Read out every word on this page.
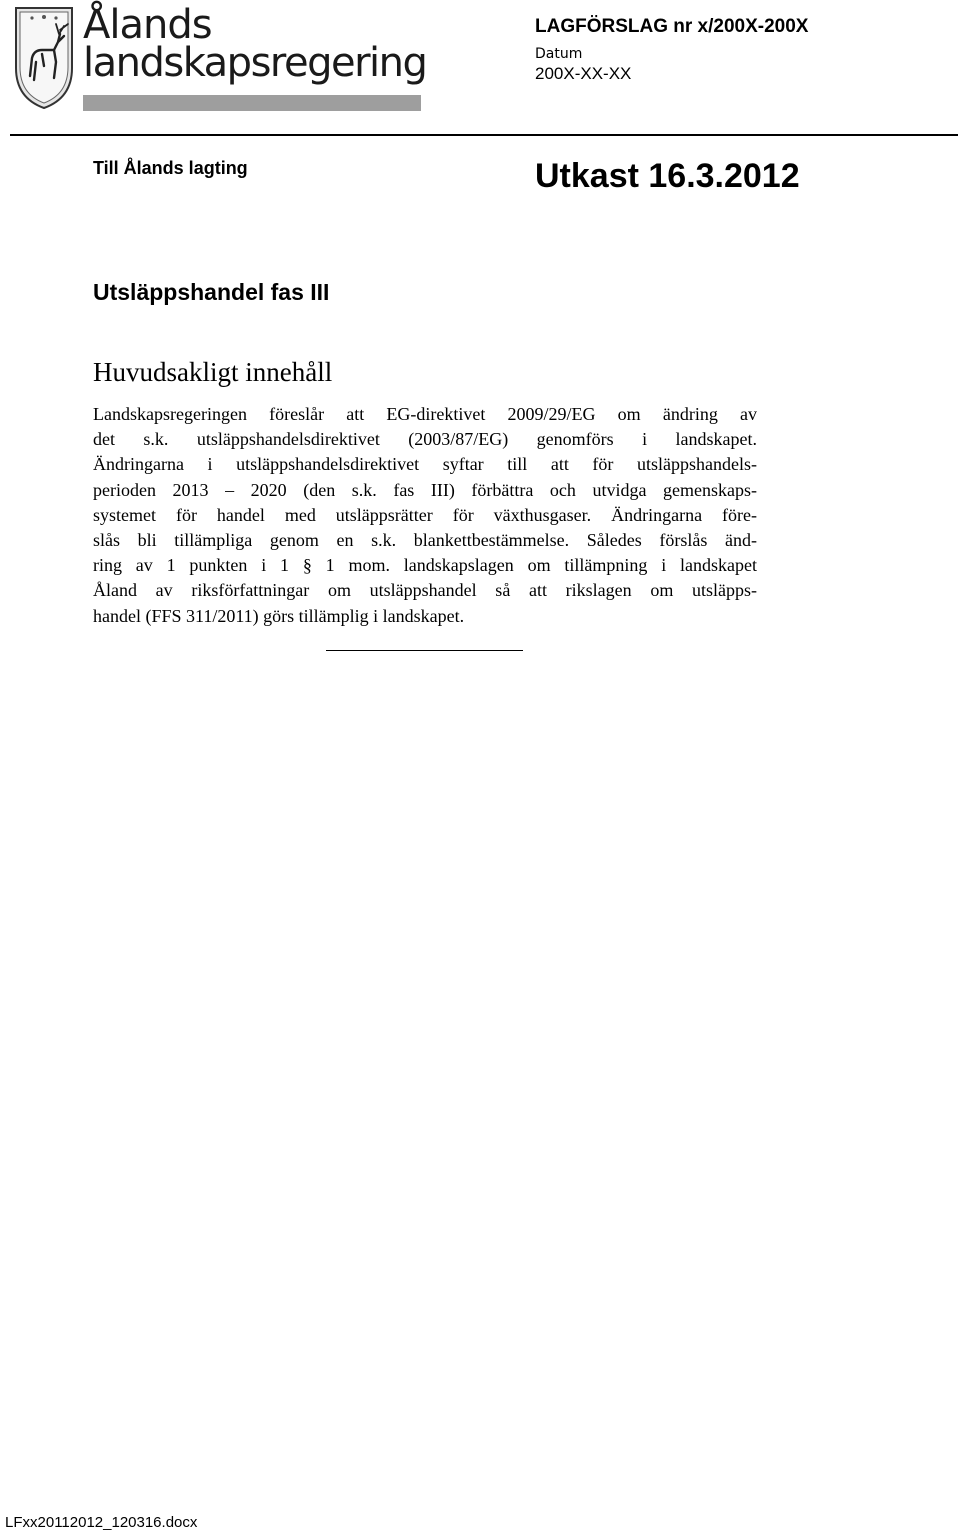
Ålands
landskapsregering
LAGFÖRSLAG nr x/200X-200X
Datum
200X-XX-XX
Till Ålands lagting	Utkast 16.3.2012
Utsläppshandel fas III
Huvudsakligt innehåll
Landskapsregeringen föreslår att EG-direktivet 2009/29/EG om ändring av
det s.k. utsläppshandelsdirektivet (2003/87/EG) genomförs i landskapet.
Ändringarna i utsläppshandelsdirektivet syftar till att för utsläppshandels-
perioden 2013 – 2020 (den s.k. fas III) förbättra och utvidga gemenskaps-
systemet för handel med utsläppsrätter för växthusgaser. Ändringarna före-
slås bli tillämpliga genom en s.k. blankettbestämmelse. Således förslås änd-
ring av 1 punkten i 1 § 1 mom. landskapslagen om tillämpning i landskapet
Åland av riksförfattningar om utsläppshandel så att rikslagen om utsläpps-
handel (FFS 311/2011) görs tillämplig i landskapet.
LFxx20112012_120316.docx
